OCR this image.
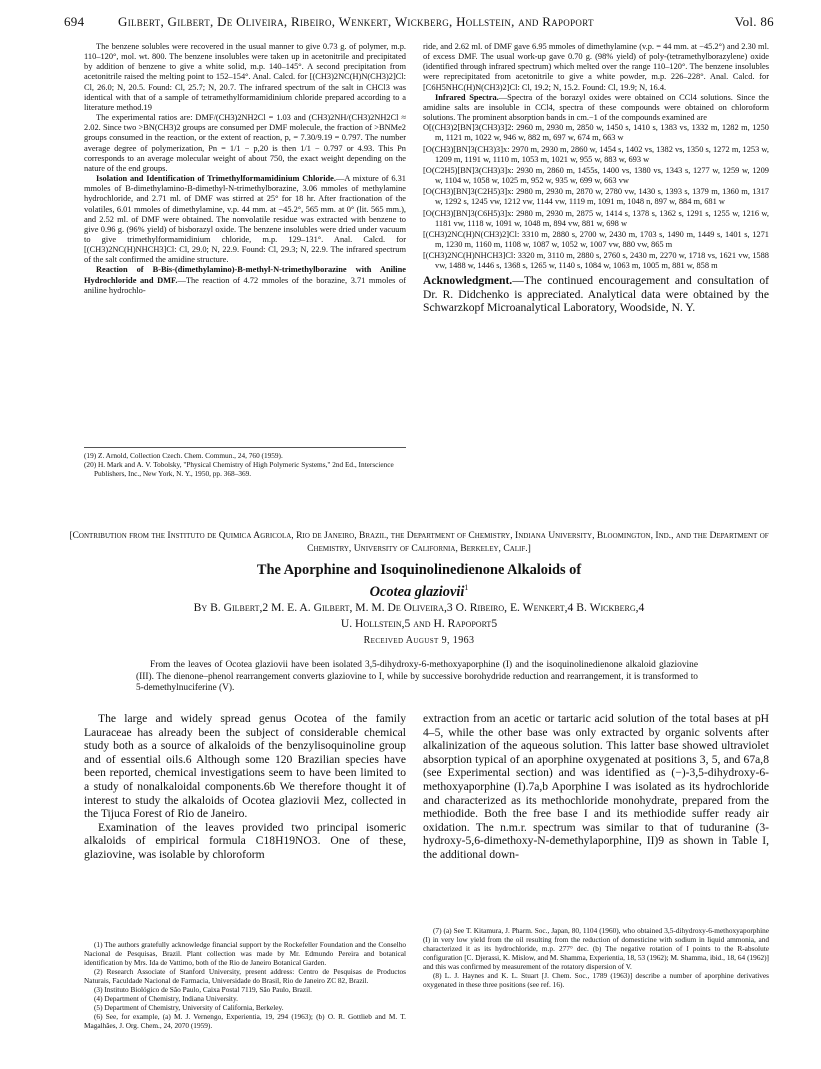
694	Gilbert, Gilbert, De Oliveira, Ribeiro, Wenkert, Wickberg, Hollstein, and Rapoport	Vol. 86

The benzene solubles were recovered in the usual manner to give 0.73 g. of polymer, m.p. 110–120°, mol. wt. 800. The benzene insolubles were taken up in acetonitrile and precipitated by addition of benzene to give a white solid, m.p. 140–145°. A second precipitation from acetonitrile raised the melting point to 152–154°. Anal. Calcd. for [(CH3)2NC(H)N(CH3)2]Cl: Cl, 26.0; N, 20.5. Found: Cl, 25.7; N, 20.7. The infrared spectrum of the salt in CHCl3 was identical with that of a sample of tetramethylformamidinium chloride prepared according to a literature method.19

The experimental ratios are: DMF/(CH3)2NH2Cl = 1.03 and (CH3)2NH/(CH3)2NH2Cl ≈ 2.02. Since two >BN(CH3)2 groups are consumed per DMF molecule, the fraction of >BNMe2 groups consumed in the reaction, or the extent of reaction, p, = 7.30/9.19 = 0.797. The number average degree of polymerization, Pn = 1/1 − p,20 is then 1/1 − 0.797 or 4.93. This Pn corresponds to an average molecular weight of about 750, the exact weight depending on the nature of the end groups.

Isolation and Identification of Trimethylformamidinium Chloride.—A mixture of 6.31 mmoles of B-dimethylamino-B-dimethyl-N-trimethylborazine, 3.06 mmoles of methylamine hydrochloride, and 2.71 ml. of DMF was stirred at 25° for 18 hr. After fractionation of the volatiles, 6.01 mmoles of dimethylamine, v.p. 44 mm. at −45.2°, 565 mm. at 0° (lit. 565 mm.), and 2.52 ml. of DMF were obtained. The nonvolatile residue was extracted with benzene to give 0.96 g. (96% yield) of bisborazyl oxide. The benzene insolubles were dried under vacuum to give trimethylformamidinium chloride, m.p. 129–131°. Anal. Calcd. for [(CH3)2NC(H)NHCH3]Cl: Cl, 29.0; N, 22.9. Found: Cl, 29.3; N, 22.9. The infrared spectrum of the salt confirmed the amidine structure.

Reaction of B-Bis-(dimethylamino)-B-methyl-N-trimethylborazine with Aniline Hydrochloride and DMF.—The reaction of 4.72 mmoles of the borazine, 3.71 mmoles of aniline hydrochlo-

ride, and 2.62 ml. of DMF gave 6.95 mmoles of dimethylamine (v.p. = 44 mm. at −45.2°) and 2.30 ml. of excess DMF. The usual work-up gave 0.70 g. (98% yield) of poly-(tetramethylborazylene) oxide (identified through infrared spectrum) which melted over the range 110–120°. The benzene insolubles were reprecipitated from acetonitrile to give a white powder, m.p. 226–228°. Anal. Calcd. for [C6H5NHC(H)N(CH3)2]Cl: Cl, 19.2; N, 15.2. Found: Cl, 19.9; N, 16.4.

Infrared Spectra.—Spectra of the borazyl oxides were obtained on CCl4 solutions. Since the amidine salts are insoluble in CCl4, spectra of these compounds were obtained on chloroform solutions. The prominent absorption bands in cm.−1 of the compounds examined are

O[(CH3)2[BN]3(CH3)3]2: 2960 m, 2930 m, 2850 w, 1450 s, 1410 s, 1383 vs, 1332 m, 1282 m, 1250 m, 1121 m, 1022 w, 946 w, 882 m, 697 w, 674 m, 663 w

[O(CH3)[BN]3(CH3)3]x: 2970 m, 2930 m, 2860 w, 1454 s, 1402 vs, 1382 vs, 1350 s, 1272 m, 1253 w, 1209 m, 1191 w, 1110 m, 1053 m, 1021 w, 955 w, 883 w, 693 w

[O(C2H5)[BN]3(CH3)3]x: 2930 m, 2860 m, 1455s, 1400 vs, 1380 vs, 1343 s, 1277 w, 1259 w, 1209 w, 1104 w, 1058 w, 1025 m, 952 w, 935 w, 699 w, 663 vw

[O(CH3)[BN]3(C2H5)3]x: 2980 m, 2930 m, 2870 w, 2780 vw, 1430 s, 1393 s, 1379 m, 1360 m, 1317 w, 1292 s, 1245 vw, 1212 vw, 1144 vw, 1119 m, 1091 m, 1048 n, 897 w, 884 m, 681 w

[O(CH3)[BN]3(C6H5)3]x: 2980 m, 2930 m, 2875 w, 1414 s, 1378 s, 1362 s, 1291 s, 1255 w, 1216 w, 1181 vw, 1118 w, 1091 w, 1048 m, 894 vw, 881 w, 698 w

[(CH3)2NC(H)N(CH3)2]Cl: 3310 m, 2880 s, 2700 w, 2430 m, 1703 s, 1490 m, 1449 s, 1401 s, 1271 m, 1230 m, 1160 m, 1108 w, 1087 w, 1052 w, 1007 vw, 880 vw, 865 m

[(CH3)2NC(H)NHCH3]Cl: 3320 m, 3110 m, 2880 s, 2760 s, 2430 m, 2270 w, 1718 vs, 1621 vw, 1588 vw, 1488 w, 1446 s, 1368 s, 1265 w, 1140 s, 1084 w, 1063 m, 1005 m, 881 w, 858 m

Acknowledgment.—The continued encouragement and consultation of Dr. R. Didchenko is appreciated. Analytical data were obtained by the Schwarzkopf Microanalytical Laboratory, Woodside, N. Y.

(19) Z. Arnold, Collection Czech. Chem. Commun., 24, 760 (1959).

(20) H. Mark and A. V. Tobolsky, "Physical Chemistry of High Polymeric Systems," 2nd Ed., Interscience Publishers, Inc., New York, N. Y., 1950, pp. 368–369.

[Contribution from the Instituto de Quimica Agricola, Rio de Janeiro, Brazil, the Department of Chemistry, Indiana University, Bloomington, Ind., and the Department of Chemistry, University of California, Berkeley, Calif.]
The Aporphine and Isoquinolinedienone Alkaloids of
Ocotea glaziovii$^1$
By B. Gilbert,2 M. E. A. Gilbert, M. M. De Oliveira,3 O. Ribeiro, E. Wenkert,4 B. Wickberg,4
U. Hollstein,5 and H. Rapoport5
Received August 9, 1963

From the leaves of Ocotea glaziovii have been isolated 3,5-dihydroxy-6-methoxyaporphine (I) and the isoquinolinedienone alkaloid glaziovine (III). The dienone–phenol rearrangement converts glaziovine to I, while by successive borohydride reduction and rearrangement, it is transformed to 5-demethylnuciferine (V).

The large and widely spread genus Ocotea of the family Lauraceae has already been the subject of considerable chemical study both as a source of alkaloids of the benzylisoquinoline group and of essential oils.6 Although some 120 Brazilian species have been reported, chemical investigations seem to have been limited to a study of nonalkaloidal components.6b We therefore thought it of interest to study the alkaloids of Ocotea glaziovii Mez, collected in the Tijuca Forest of Rio de Janeiro.

Examination of the leaves provided two principal isomeric alkaloids of empirical formula C18H19NO3. One of these, glaziovine, was isolable by chloroform

extraction from an acetic or tartaric acid solution of the total bases at pH 4–5, while the other base was only extracted by organic solvents after alkalinization of the aqueous solution. This latter base showed ultraviolet absorption typical of an aporphine oxygenated at positions 3, 5, and 67a,8 (see Experimental section) and was identified as (−)-3,5-dihydroxy-6-methoxyaporphine (I).7a,b Aporphine I was isolated as its hydrochloride and characterized as its methochloride monohydrate, prepared from the methiodide. Both the free base I and its methiodide suffer ready air oxidation. The n.m.r. spectrum was similar to that of tuduranine (3-hydroxy-5,6-dimethoxy-N-demethylaporphine, II)9 as shown in Table I, the additional down-

(1) The authors gratefully acknowledge financial support by the Rockefeller Foundation and the Conselho Nacional de Pesquisas, Brazil. Plant collection was made by Mr. Edmundo Pereira and botanical identification by Mrs. Ida de Vattimo, both of the Rio de Janeiro Botanical Garden.

(2) Research Associate of Stanford University, present address: Centro de Pesquisas de Productos Naturais, Faculdade Nacional de Farmacia, Universidade do Brasil, Rio de Janeiro ZC 82, Brazil.

(3) Instituto Biológico de São Paulo, Caixa Postal 7119, São Paulo, Brazil.

(4) Department of Chemistry, Indiana University.

(5) Department of Chemistry, University of California, Berkeley.

(6) See, for example, (a) M. J. Vernengo, Experientia, 19, 294 (1963); (b) O. R. Gottlieb and M. T. Magalhães, J. Org. Chem., 24, 2070 (1959).

(7) (a) See T. Kitamura, J. Pharm. Soc., Japan, 80, 1104 (1960), who obtained 3,5-dihydroxy-6-methoxyaporphine (I) in very low yield from the oil resulting from the reduction of domesticine with sodium in liquid ammonia, and characterized it as its hydrochloride, m.p. 277° dec. (b) The negative rotation of I points to the R-absolute configuration [C. Djerassi, K. Mislow, and M. Shamma, Experientia, 18, 53 (1962); M. Shamma, ibid., 18, 64 (1962)] and this was confirmed by measurement of the rotatory dispersion of V.

(8) L. J. Haynes and K. L. Stuart [J. Chem. Soc., 1789 (1963)] describe a number of aporphine derivatives oxygenated in these three positions (see ref. 16).
